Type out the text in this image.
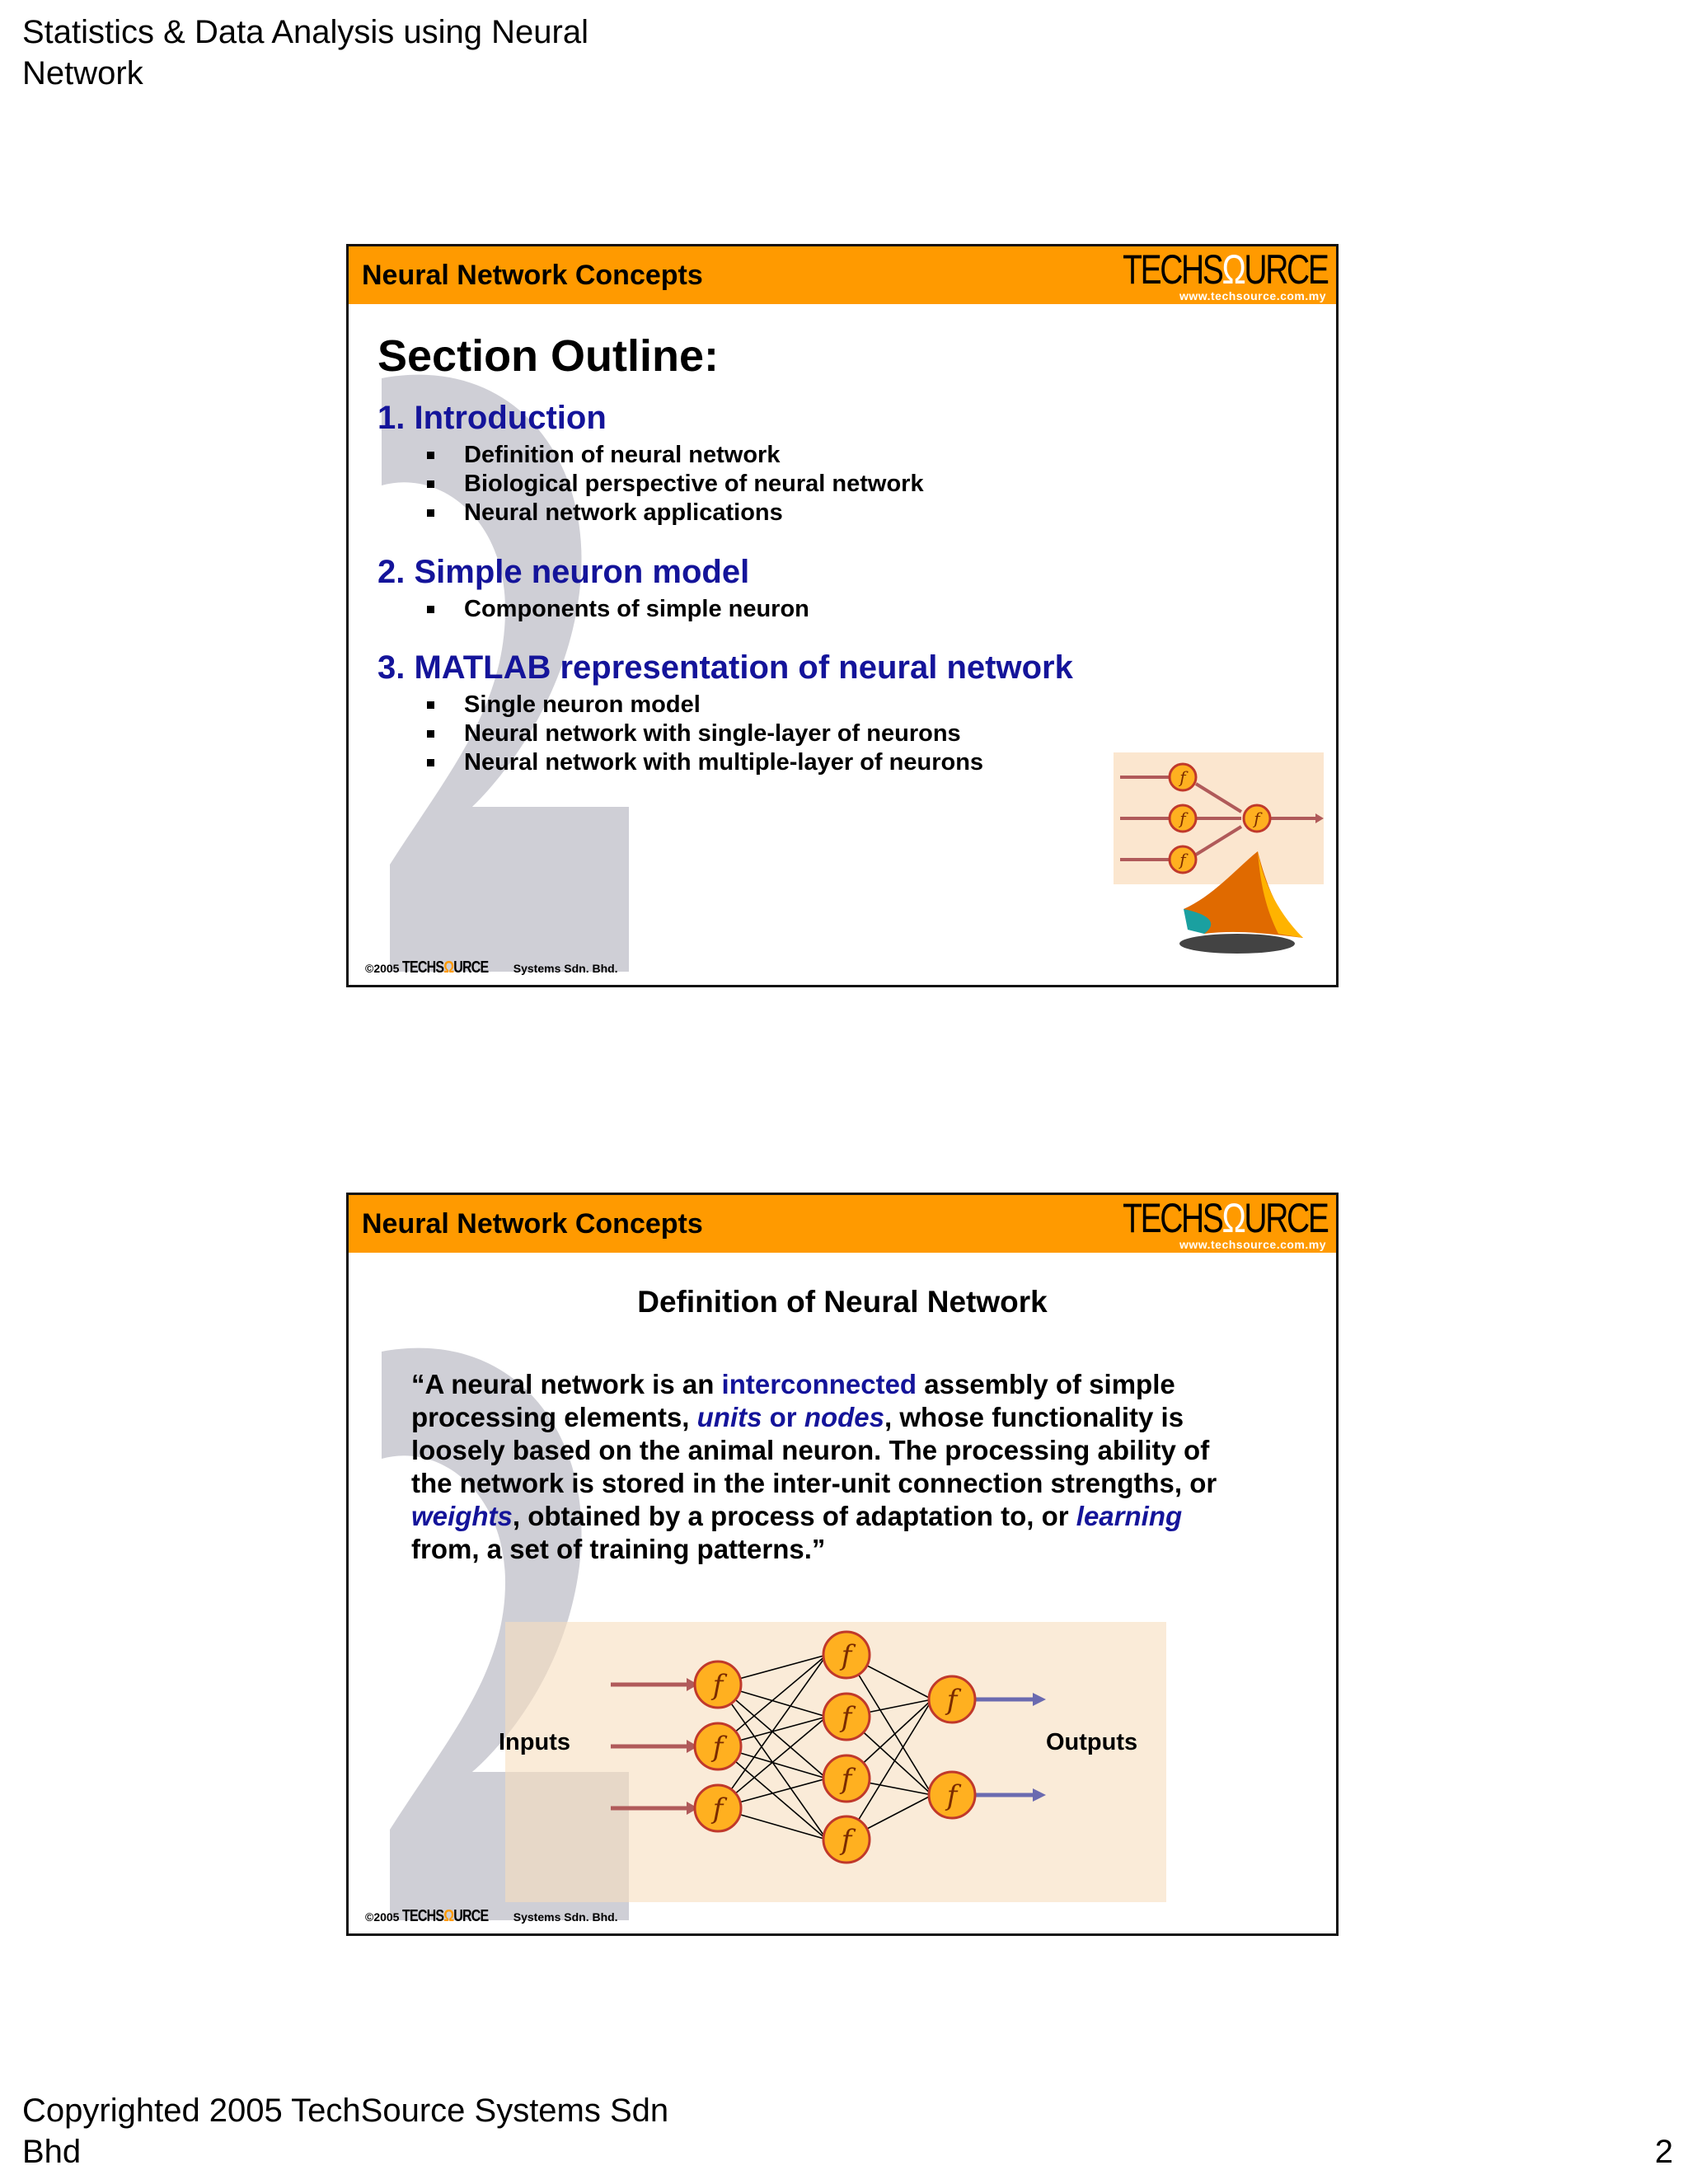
Statistics & Data Analysis using Neural Network
Copyrighted 2005 TechSource Systems Sdn Bhd	2
Neural Network Concepts	TECHSΩURCE
www.techsource.com.my
Section Outline:
1. Introduction
Definition of neural network
Biological perspective of neural network
Neural network applications
2. Simple neuron model
Components of simple neuron
3. MATLAB representation of neural network
Single neuron model
Neural network with single-layer of neurons
Neural network with multiple-layer of neurons
f
f
f
f
©2005 TECHSΩURCE Systems Sdn. Bhd.
Neural Network Concepts	TECHSΩURCE
www.techsource.com.my
Definition of Neural Network
“A neural network is an interconnected assembly of simple processing elements, units or nodes, whose functionality is loosely based on the animal neuron. The processing ability of the network is stored in the inter-unit connection strengths, or weights, obtained by a process of adaptation to, or learning from, a set of training patterns.”
f
f
f
f
f
f
f
f
f
Inputs	Outputs
©2005 TECHSΩURCE Systems Sdn. Bhd.
